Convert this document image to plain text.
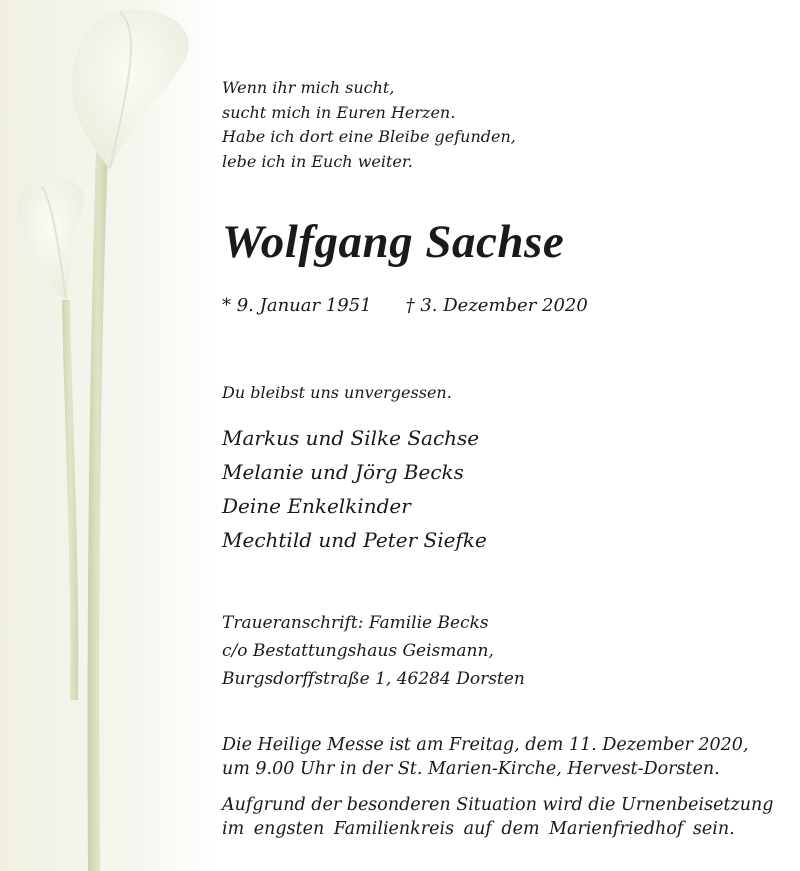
Wenn ihr mich sucht,
sucht mich in Euren Herzen.
Habe ich dort eine Bleibe gefunden,
lebe ich in Euch weiter.

Wolfgang Sachse

* 9. Januar 1951 † 3. Dezember 2020

Du bleibst uns unvergessen.

Markus und Silke Sachse
Melanie und Jörg Becks
Deine Enkelkinder
Mechtild und Peter Siefke
Traueranschrift: Familie Becks
c/o Bestattungshaus Geismann,
Burgsdorffstraße 1, 46284 Dorsten
Die Heilige Messe ist am Freitag, dem 11. Dezember 2020,
um 9.00 Uhr in der St. Marien-Kirche, Hervest-Dorsten.
Aufgrund der besonderen Situation wird die Urnenbeisetzung
im engsten Familienkreis auf dem Marienfriedhof sein.
